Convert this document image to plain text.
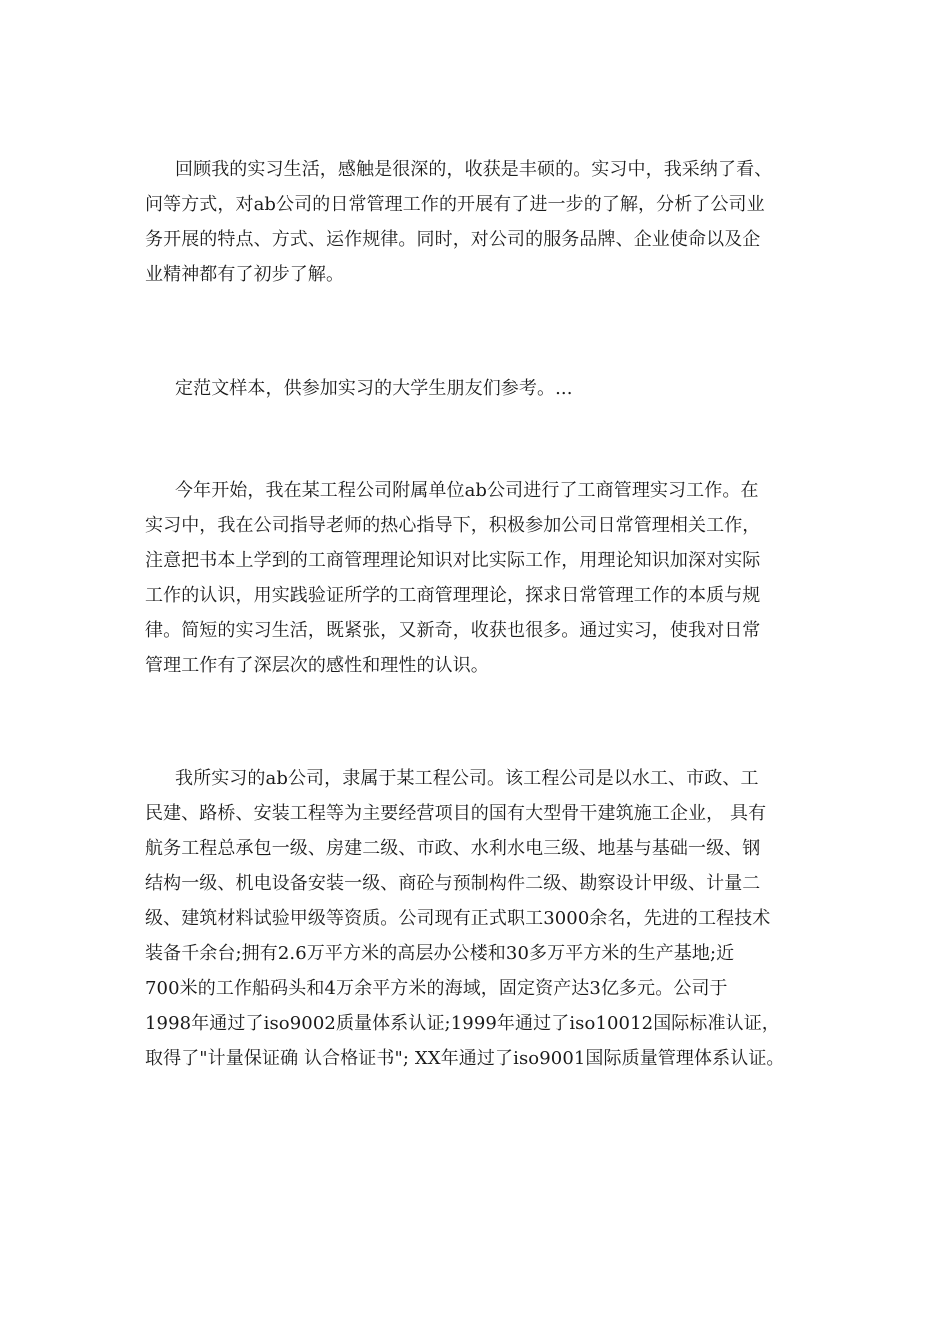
回顾我的实习生活，感触是很深的，收获是丰硕的。实习中，我采纳了看、
问等方式，对ab公司的日常管理工作的开展有了进一步的了解，分析了公司业
务开展的特点、方式、运作规律。同时，对公司的服务品牌、企业使命以及企
业精神都有了初步了解。

定范文样本，供参加实习的大学生朋友们参考。...

今年开始，我在某工程公司附属单位ab公司进行了工商管理实习工作。在
实习中，我在公司指导老师的热心指导下，积极参加公司日常管理相关工作，
注意把书本上学到的工商管理理论知识对比实际工作，用理论知识加深对实际
工作的认识，用实践验证所学的工商管理理论，探求日常管理工作的本质与规
律。简短的实习生活，既紧张，又新奇，收获也很多。通过实习，使我对日常
管理工作有了深层次的感性和理性的认识。

我所实习的ab公司，隶属于某工程公司。该工程公司是以水工、市政、工
民建、路桥、安装工程等为主要经营项目的国有大型骨干建筑施工企业， 具有
航务工程总承包一级、房建二级、市政、水利水电三级、地基与基础一级、钢
结构一级、机电设备安装一级、商砼与预制构件二级、勘察设计甲级、计量二
级、建筑材料试验甲级等资质。公司现有正式职工3000余名，先进的工程技术
装备千余台;拥有2.6万平方米的高层办公楼和30多万平方米的生产基地;近
700米的工作船码头和4万余平方米的海域，固定资产达3亿多元。公司于
1998年通过了iso9002质量体系认证;1999年通过了iso10012国际标准认证，
取得了"计量保证确 认合格证书"; XX年通过了iso9001国际质量管理体系认证。
